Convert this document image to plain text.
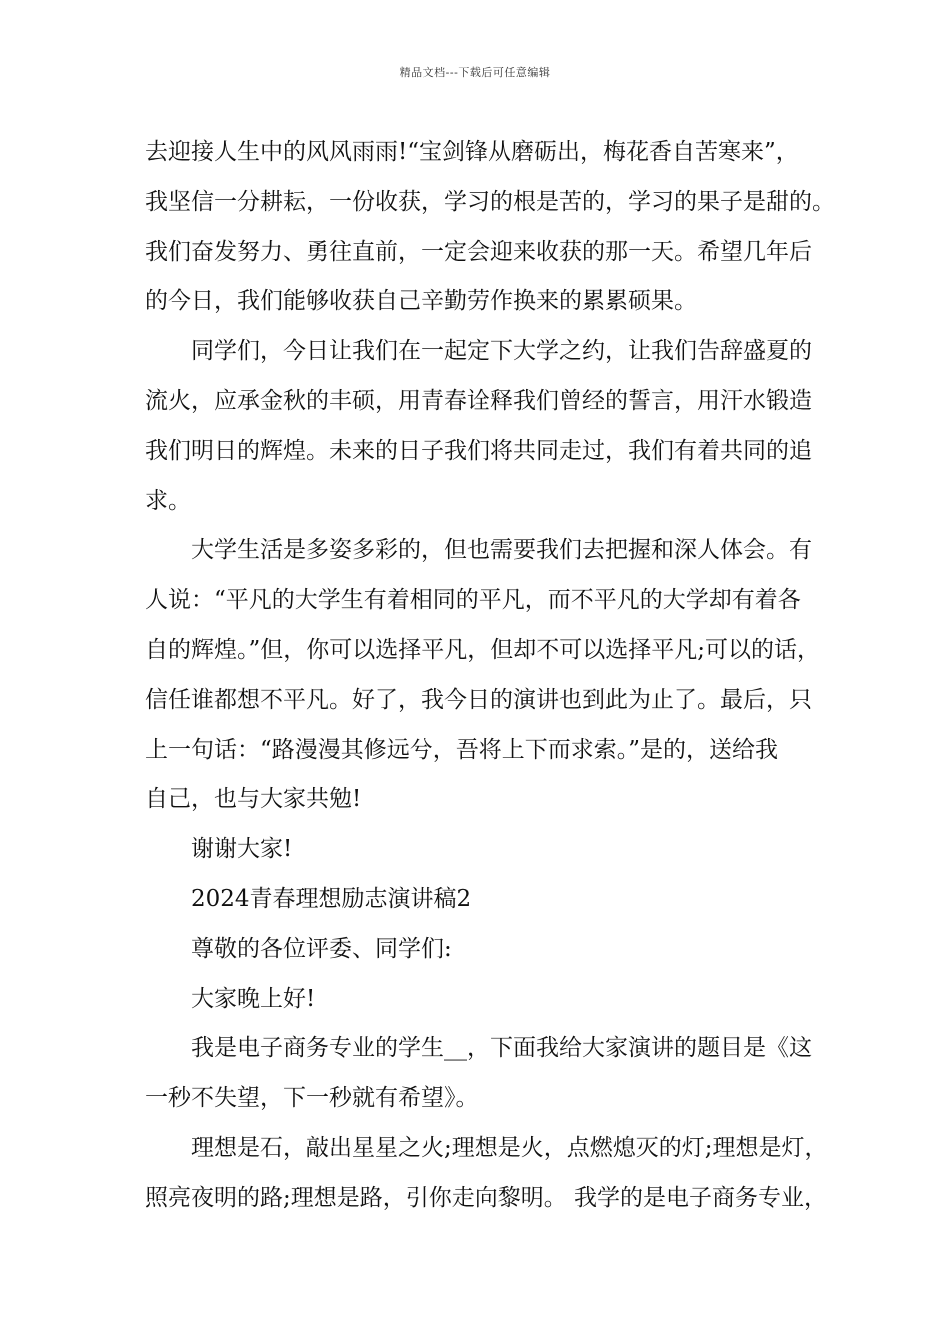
精品文档---下载后可任意编辑
去迎接人生中的风风雨雨!“宝剑锋从磨砺出，梅花香自苦寒来”，
我坚信一分耕耘，一份收获，学习的根是苦的，学习的果子是甜的。
我们奋发努力、勇往直前，一定会迎来收获的那一天。希望几年后
的今日，我们能够收获自己辛勤劳作换来的累累硕果。
同学们，今日让我们在一起定下大学之约，让我们告辞盛夏的
流火，应承金秋的丰硕，用青春诠释我们曾经的誓言，用汗水锻造
我们明日的辉煌。未来的日子我们将共同走过，我们有着共同的追
求。
大学生活是多姿多彩的，但也需要我们去把握和深人体会。有
人说：“平凡的大学生有着相同的平凡，而不平凡的大学却有着各
自的辉煌。”但，你可以选择平凡，但却不可以选择平凡;可以的话，
信任谁都想不平凡。好了，我今日的演讲也到此为止了。最后，只
上一句话：“路漫漫其修远兮，吾将上下而求索。”是的，送给我
自己，也与大家共勉!
谢谢大家!
2024青春理想励志演讲稿2
尊敬的各位评委、同学们:
大家晚上好!
我是电子商务专业的学生__，下面我给大家演讲的题目是《这
一秒不失望，下一秒就有希望》。
理想是石，敲出星星之火;理想是火，点燃熄灭的灯;理想是灯，
照亮夜明的路;理想是路，引你走向黎明。 我学的是电子商务专业，
